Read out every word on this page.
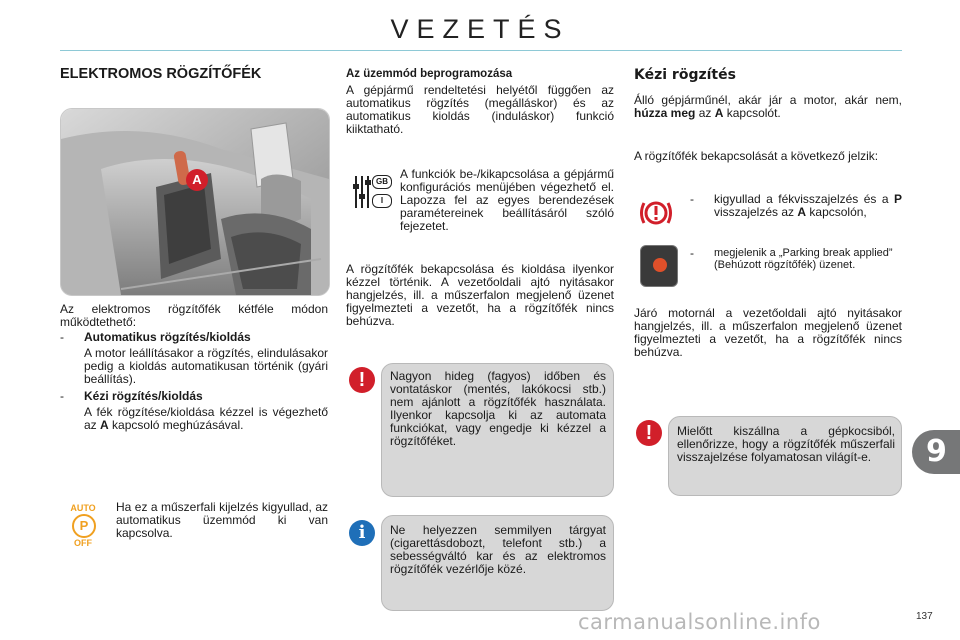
VEZETÉS
ELEKTROMOS RÖGZÍTŐFÉK
A
Az elektromos rögzítőfék kétféle módon működtethető:
- Automatikus rögzítés/kioldás
A motor leállításakor a rögzítés, elindulásakor pedig a kioldás automatikusan történik (gyári beállítás).
- Kézi rögzítés/kioldás
A fék rögzítése/kioldása kézzel is végezhető az A kapcsoló meghúzásával.
AUTO
P
OFF
Ha ez a műszerfali kijelzés kigyullad, az automatikus üzemmód ki van kapcsolva.
Az üzemmód beprogramozása
A gépjármű rendeltetési helyétől függően az automatikus rögzítés (megálláskor) és az automatikus kioldás (induláskor) funkció kiiktatható.
GB
I
A funkciók be-/kikapcsolása a gépjármű konfigurációs menüjében végezhető el. Lapozza fel az egyes berendezések paramétereinek beállításáról szóló fejezetet.
A rögzítőfék bekapcsolása és kioldása ilyenkor kézzel történik. A vezetőoldali ajtó nyitásakor hangjelzés, ill. a műszerfalon megjelenő üzenet figyelmezteti a vezetőt, ha a rögzítőfék nincs behúzva.
!	Nagyon hideg (fagyos) időben és vontatáskor (mentés, lakókocsi stb.) nem ajánlott a rögzítőfék használata. Ilyenkor kapcsolja ki az automata funkciókat, vagy engedje ki kézzel a rögzítőféket.
i	Ne helyezzen semmilyen tárgyat (cigarettásdobozt, telefont stb.) a sebességváltó kar és az elektromos rögzítőfék vezérlője közé.
Kézi rögzítés
Álló gépjárműnél, akár jár a motor, akár nem, húzza meg az A kapcsolót.
A rögzítőfék bekapcsolását a következő jelzik:
- kigyullad a fékvisszajelzés és a P visszajelzés az A kapcsolón,
- megjelenik a „Parking break applied” (Behúzott rögzítőfék) üzenet.
Járó motornál a vezetőoldali ajtó nyitásakor hangjelzés, ill. a műszerfalon megjelenő üzenet figyelmezteti a vezetőt, ha a rögzítőfék nincs behúzva.
!	Mielőtt kiszállna a gépkocsiból, ellenőrizze, hogy a rögzítőfék műszerfali visszajelzése folyamatosan világít-e.	9
carmanualsonline.info	137
